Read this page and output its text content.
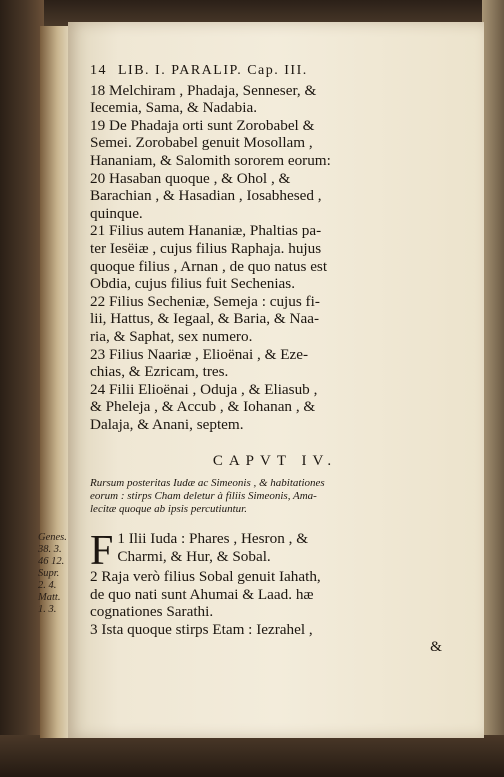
14 LIB. I. PARALIP. Cap. III.
18 Melchiram , Phadaja, Senneser, &
Iecemia, Sama, & Nadabia.
19 De Phadaja orti sunt Zorobabel &
Semei. Zorobabel genuit Mosollam ,
Hananiam, & Salomith sororem eorum:
20 Hasaban quoque , & Ohol , &
Barachian , & Hasadian , Iosabhesed ,
quinque.
21 Filius autem Hananiæ, Phaltias pa-
ter Iesëiæ , cujus filius Raphaja. hujus
quoque filius , Arnan , de quo natus est
Obdia, cujus filius fuit Sechenias.
22 Filius Secheniæ, Semeja : cujus fi-
lii, Hattus, & Iegaal, & Baria, & Naa-
ria, & Saphat, sex numero.
23 Filius Naariæ , Elioënai , & Eze-
chias, & Ezricam, tres.
24 Filii Elioënai , Oduja , & Eliasub ,
& Pheleja , & Accub , & Iohanan , &
Dalaja, & Anani, septem.
CAPVT IV.
Rursum posteritas Iudæ ac Simeonis , & habitationes
eorum : stirps Cham deletur à filiis Simeonis, Ama-
lecitæ quoque ab ipsis percutiuntur.
Genes.
38. 3.
46 12.
Supr.
2. 4.
Matt.
1. 3.
F 1 Ilii Iuda : Phares , Hesron , &
Charmi, & Hur, & Sobal.
2 Raja verò filius Sobal genuit Iahath,
de quo nati sunt Ahumai & Laad. hæ
cognationes Sarathi.
3 Ista quoque stirps Etam : Iezrahel ,
&
